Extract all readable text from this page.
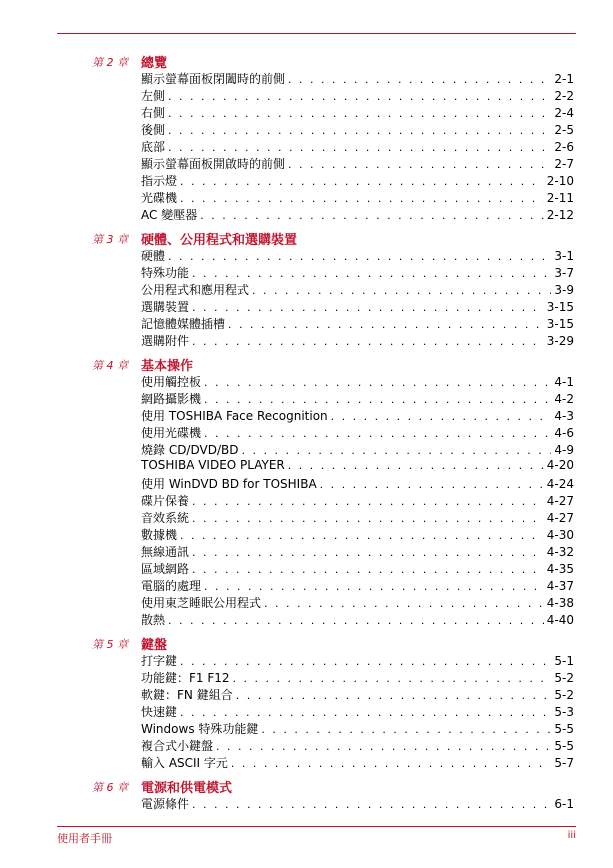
第 2 章 總覽
顯示螢幕面板閉闔時的前側 . . .	2-1
左側 . . .	2-2
右側 . . .	2-4
後側 . . .	2-5
底部 . . .	2-6
顯示螢幕面板開啟時的前側 . . .	2-7
指示燈 . . .	2-10
光碟機 . . .	2-11
AC 變壓器 . . .	2-12
第 3 章 硬體、公用程式和選購裝置
硬體 . . .	3-1
特殊功能 . . .	3-7
公用程式和應用程式 . . .	3-9
選購裝置 . . .	3-15
記憶體媒體插槽 . . .	3-15
選購附件 . . .	3-29
第 4 章 基本操作
使用觸控板 . . .	4-1
網路攝影機 . . .	4-2
使用 TOSHIBA Face Recognition . . .	4-3
使用光碟機 . . .	4-6
燒錄 CD/DVD/BD . . .	4-9
TOSHIBA VIDEO PLAYER . . .	4-20
使用 WinDVD BD for TOSHIBA . . .	4-24
碟片保養 . . .	4-27
音效系統 . . .	4-27
數據機 . . .	4-30
無線通訊 . . .	4-32
區域網路 . . .	4-35
電腦的處理 . . .	4-37
使用東芝睡眠公用程式 . . .	4-38
散熱 . . .	4-40
第 5 章 鍵盤
打字鍵 . . .	5-1
功能鍵：F1 F12 . . .	5-2
軟鍵：FN 鍵組合 . . .	5-2
快速鍵 . . .	5-3
Windows 特殊功能鍵 . . .	5-5
複合式小鍵盤 . . .	5-5
輸入 ASCII 字元 . . .	5-7
第 6 章 電源和供電模式
電源條件 . . .	6-1
使用者手冊	iii
